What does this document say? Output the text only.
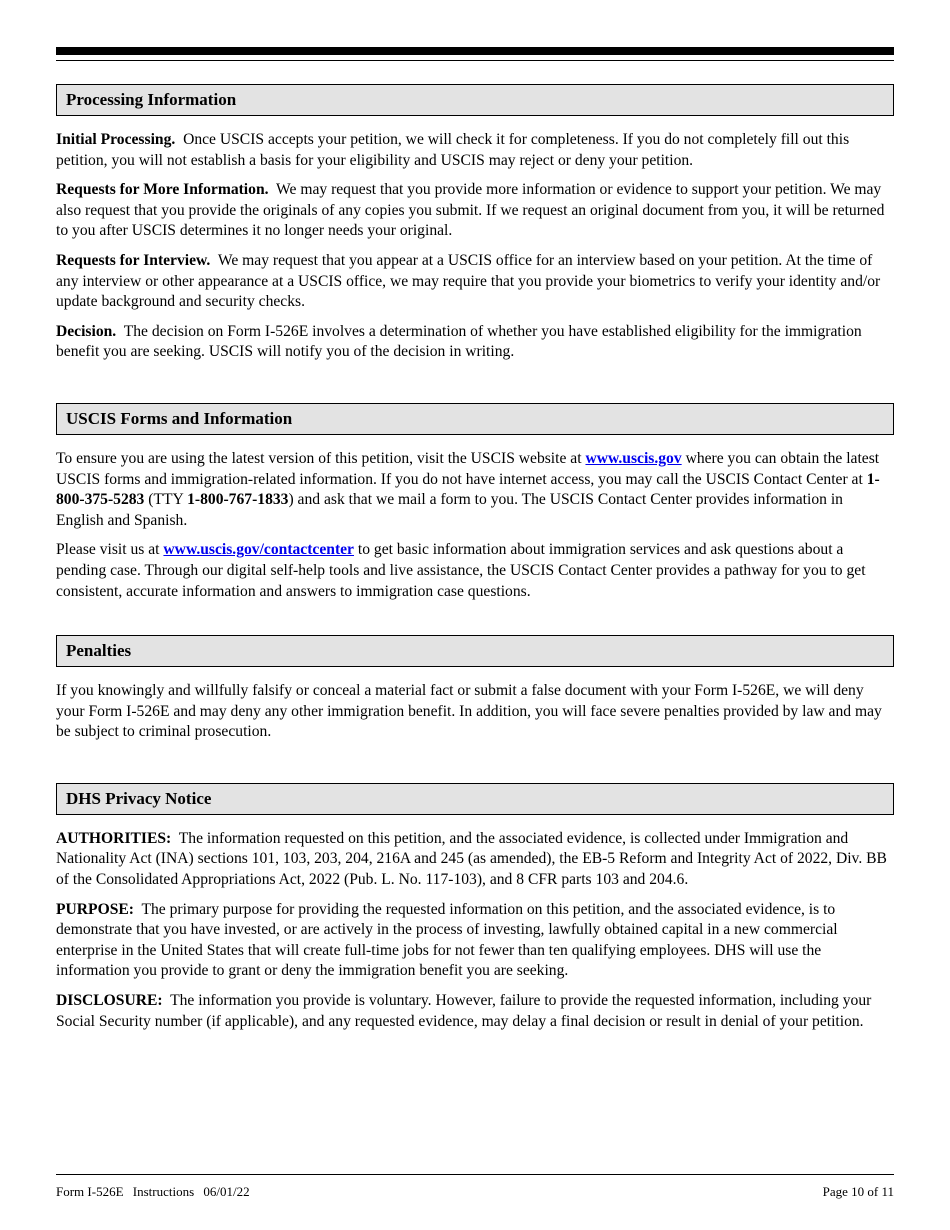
Processing Information

Initial Processing. Once USCIS accepts your petition, we will check it for completeness. If you do not completely fill out this petition, you will not establish a basis for your eligibility and USCIS may reject or deny your petition.

Requests for More Information. We may request that you provide more information or evidence to support your petition. We may also request that you provide the originals of any copies you submit. If we request an original document from you, it will be returned to you after USCIS determines it no longer needs your original.

Requests for Interview. We may request that you appear at a USCIS office for an interview based on your petition. At the time of any interview or other appearance at a USCIS office, we may require that you provide your biometrics to verify your identity and/or update background and security checks.

Decision. The decision on Form I-526E involves a determination of whether you have established eligibility for the immigration benefit you are seeking. USCIS will notify you of the decision in writing.

USCIS Forms and Information

To ensure you are using the latest version of this petition, visit the USCIS website at www.uscis.gov where you can obtain the latest USCIS forms and immigration-related information. If you do not have internet access, you may call the USCIS Contact Center at 1-800-375-5283 (TTY 1-800-767-1833) and ask that we mail a form to you. The USCIS Contact Center provides information in English and Spanish.

Please visit us at www.uscis.gov/contactcenter to get basic information about immigration services and ask questions about a pending case. Through our digital self-help tools and live assistance, the USCIS Contact Center provides a pathway for you to get consistent, accurate information and answers to immigration case questions.

Penalties

If you knowingly and willfully falsify or conceal a material fact or submit a false document with your Form I-526E, we will deny your Form I-526E and may deny any other immigration benefit. In addition, you will face severe penalties provided by law and may be subject to criminal prosecution.

DHS Privacy Notice

AUTHORITIES: The information requested on this petition, and the associated evidence, is collected under Immigration and Nationality Act (INA) sections 101, 103, 203, 204, 216A and 245 (as amended), the EB-5 Reform and Integrity Act of 2022, Div. BB of the Consolidated Appropriations Act, 2022 (Pub. L. No. 117-103), and 8 CFR parts 103 and 204.6.

PURPOSE: The primary purpose for providing the requested information on this petition, and the associated evidence, is to demonstrate that you have invested, or are actively in the process of investing, lawfully obtained capital in a new commercial enterprise in the United States that will create full-time jobs for not fewer than ten qualifying employees. DHS will use the information you provide to grant or deny the immigration benefit you are seeking.

DISCLOSURE: The information you provide is voluntary. However, failure to provide the requested information, including your Social Security number (if applicable), and any requested evidence, may delay a final decision or result in denial of your petition.

Form I-526E Instructions 06/01/22	Page 10 of 11
